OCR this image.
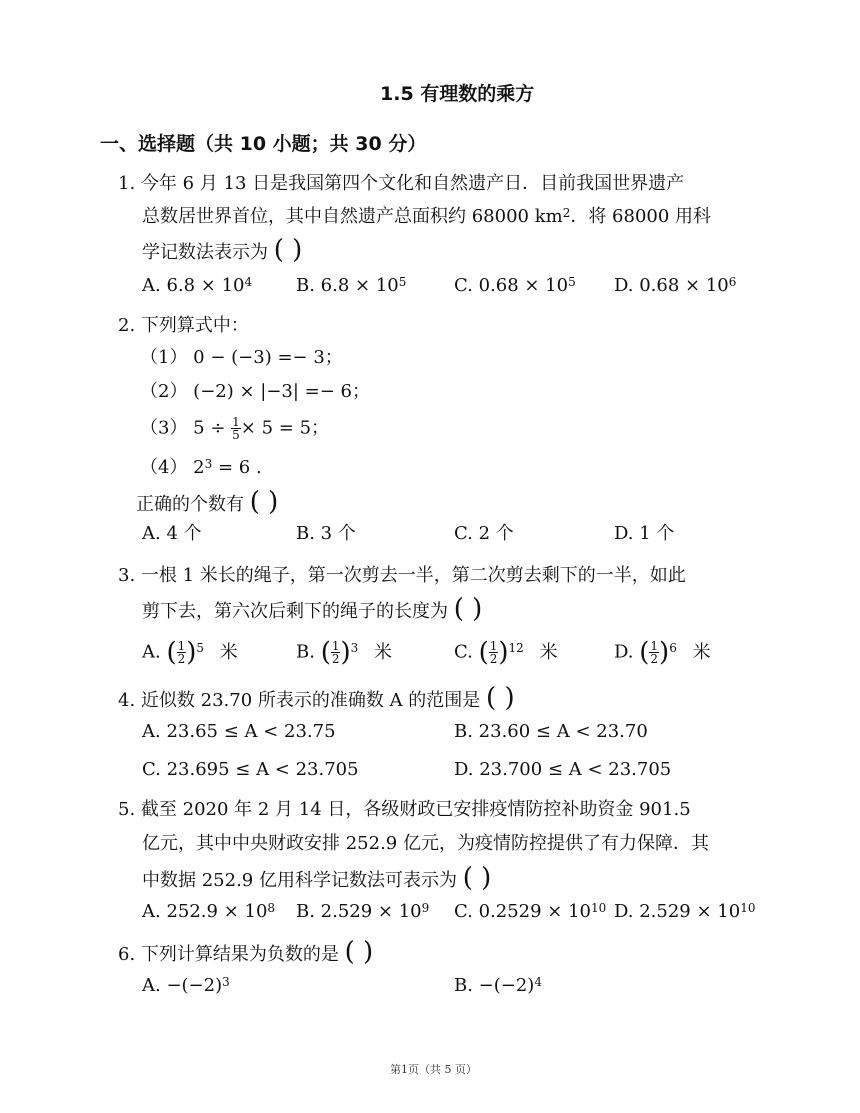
1.5 有理数的乘方
一、选择题（共 10 小题；共 30 分）
1. 今年 6 月 13 日是我国第四个文化和自然遗产日．目前我国世界遗产
总数居世界首位，其中自然遗产总面积约 68000 $km^2$．将 68000 用科
学记数法表示为 ( )
A. $6.8 \times 10^4$ B. $6.8 \times 10^5$	C. $0.68 \times 10^5$ D. $0.68 \times 10^6$
2. 下列算式中：
（1） 0 − (−3) =− 3；
（2） (−2) × |−3| =− 6；
（3） $5 \div \frac{1}{5} \times 5 = 5$；
（4） $2^3 = 6$ .
正确的个数有 ( )
A. 4 个	B. 3 个	C. 2 个	D. 1 个
3. 一根 1 米长的绳子，第一次剪去一半，第二次剪去剩下的一半，如此
剪下去，第六次后剩下的绳子的长度为 ( )
A. ( $\frac{1}{2} )^5$ 米	B. ( $\frac{1}{2} )^3$ 米	C. ( $\frac{1}{2} )^{12}$ 米	D. ( $\frac{1}{2} )^6$ 米
4. 近似数 23.70 所表示的准确数 A 的范围是 ( )
A. 23.65 ≤ A < 23.75	B. 23.60 ≤ A < 23.70
C. 23.695 ≤ A < 23.705	D. 23.700 ≤ A < 23.705
5. 截至 2020 年 2 月 14 日，各级财政已安排疫情防控补助资金 901.5
亿元，其中中央财政安排 252.9 亿元，为疫情防控提供了有力保障．其
中数据 252.9 亿用科学记数法可表示为 ( )
A. $252.9 \times 10^8$ B. $2.529 \times 10^9$ C. $0.2529 \times 10^{10}$ D. $2.529 \times 10^{10}$
6. 下列计算结果为负数的是 ( )
A. $-(-2)^3$	B. $-(-2)^4$
第1页（共 5 页）
